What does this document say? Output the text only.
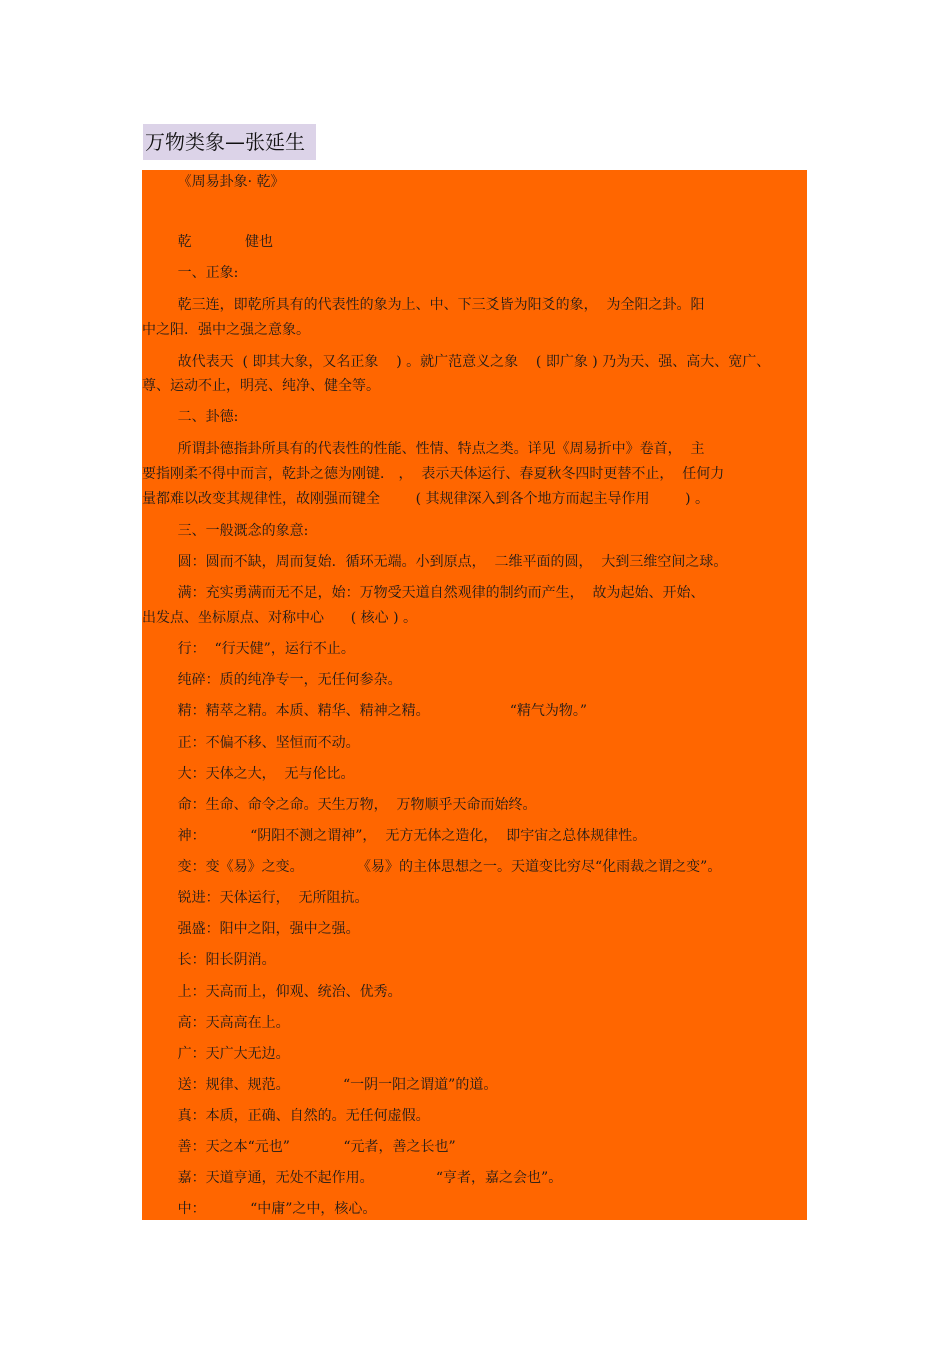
万物类象—张延生
《周易卦象· 乾》
乾            健也
一、正象:
乾三连，即乾所具有的代表性的象为上、中、下三爻皆为阳爻的象，  为全阳之卦。阳
中之阳．强中之强之意象。
故代表天  ( 即其大象，又名正象    ) 。就广范意义之象    ( 即广象 ) 乃为天、强、高大、宽广、
尊、运动不止，明亮、纯净、健全等。
二、卦德:
所谓卦德指卦所具有的代表性的性能、性情、特点之类。详见《周易折中》卷首，  主
要指刚柔不得中而言，乾卦之德为刚键． ，  表示天体运行、春夏秋冬四时更替不止，  任何力
量都难以改变其规律性，故刚强而键全        ( 其规律深入到各个地方而起主导作用        ) 。
三、一般溉念的象意:
圆：圆而不缺，周而复始．循环无端。小到原点，  二维平面的圆，  大到三维空间之球。
满：充实勇满而无不足，始：万物受天道自然观律的制约而产生，  故为起始、开始、
出发点、坐标原点、对称中心      ( 核心 ) 。
行：  “行天健”，运行不止。
纯碎：质的纯净专一，无任何参杂。
精：精萃之精。本质、精华、精神之精。                  “精气为物。”
正：不偏不移、坚恒而不动。
大：天体之大，  无与伦比。
命：生命、命令之命。天生万物，  万物顺乎天命而始终。
神：          “阴阳不测之谓神”，  无方无体之造化，  即宇宙之总体规律性。
变：变《易》之变。            《易》的主体思想之一。天道变比穷尽“化雨裁之谓之变”。
锐进：天体运行，  无所阻抗。
强盛：阳中之阳，强中之强。
长：阳长阴消。
上：天高而上，仰观、统治、优秀。
高：天高高在上。
广：天广大无边。
送：规律、规范。            “一阴一阳之谓道”的道。
真：本质，正确、自然的。无任何虚假。
善：天之本“元也”            “元者，善之长也”
嘉：天道亨通，无处不起作用。              “亨者，嘉之会也”。
中：          “中庸”之中，核心。
